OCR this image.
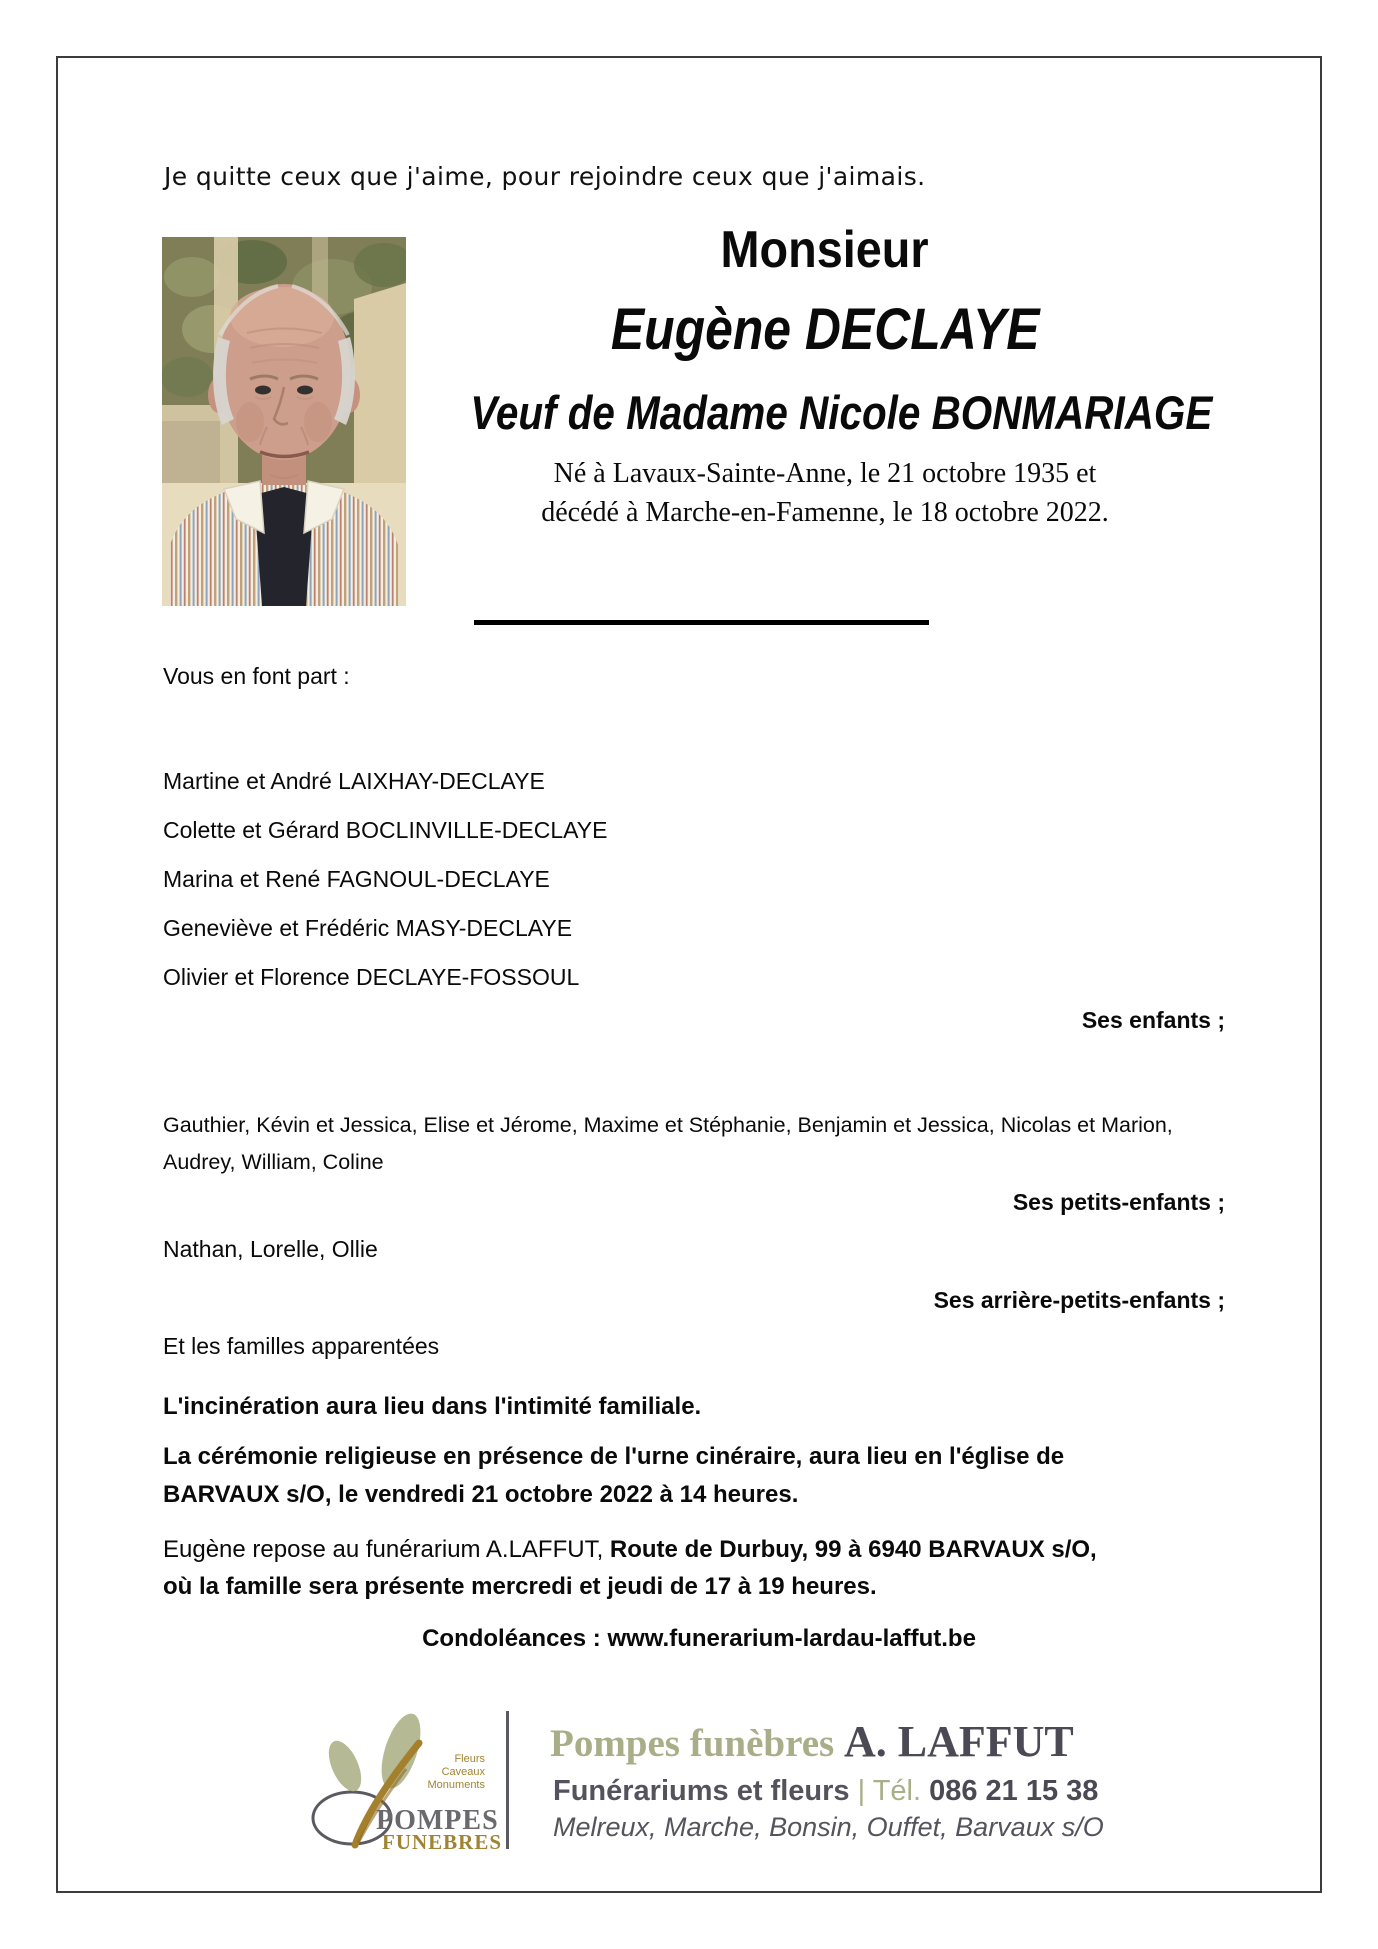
Je quitte ceux que j'aime, pour rejoindre ceux que j'aimais.
Monsieur
Eugène DECLAYE
Veuf de Madame Nicole BONMARIAGE
Né à Lavaux-Sainte-Anne, le 21 octobre 1935 et
décédé à Marche-en-Famenne, le 18 octobre 2022.
Vous en font part :
Martine et André LAIXHAY-DECLAYE
Colette et Gérard BOCLINVILLE-DECLAYE
Marina et René FAGNOUL-DECLAYE
Geneviève et Frédéric MASY-DECLAYE
Olivier et Florence DECLAYE-FOSSOUL
Ses enfants ;
Gauthier, Kévin et Jessica, Elise et Jérome, Maxime et Stéphanie, Benjamin et Jessica, Nicolas et Marion,
Audrey, William, Coline
Ses petits-enfants ;
Nathan, Lorelle, Ollie
Ses arrière-petits-enfants ;
Et les familles apparentées
L'incinération aura lieu dans l'intimité familiale.
La cérémonie religieuse en présence de l'urne cinéraire, aura lieu en l'église de
BARVAUX s/O, le vendredi 21 octobre 2022 à 14 heures.
Eugène repose au funérarium A.LAFFUT, Route de Durbuy, 99 à 6940 BARVAUX s/O,
où la famille sera présente mercredi et jeudi de 17 à 19 heures.
Condoléances : www.funerarium-lardau-laffut.be
Fleurs
Caveaux
Monuments
POMPES
FUNEBRES
Pompes funèbres A. LAFFUT
Funérariums et fleurs | Tél. 086 21 15 38
Melreux, Marche, Bonsin, Ouffet, Barvaux s/O
